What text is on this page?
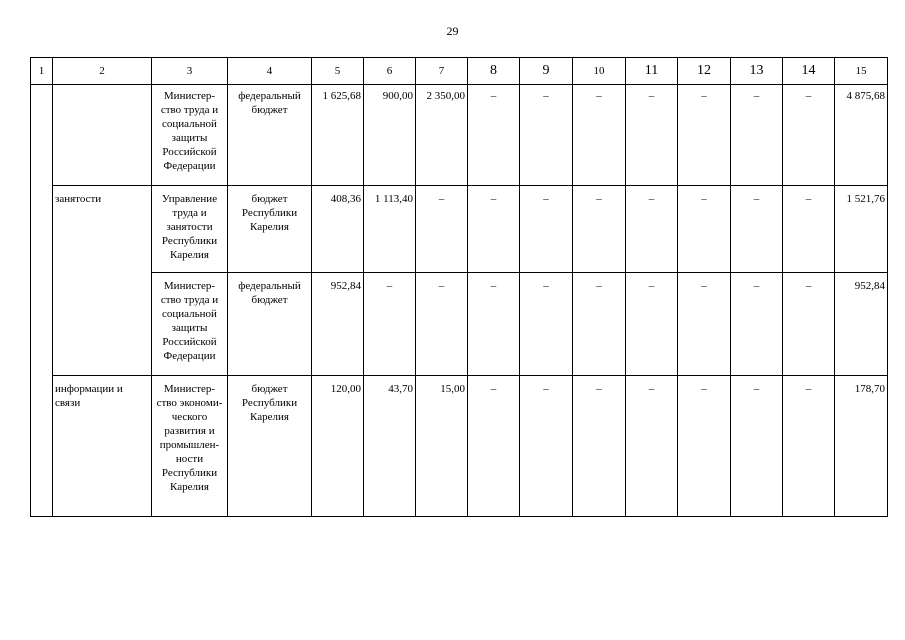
29
1	2	3	4	5	6	7	8	9	10	11	12	13	14	15
		Министер-ство труда и социальной защиты Российской Федерации	федеральный бюджет	1 625,68	900,00	2 350,00	–	–	–	–	–	–	–	4 875,68
	занятости	Управление труда и занятости Республики Карелия	бюджет Республики Карелия	408,36	1 113,40	–	–	–	–	–	–	–	–	1 521,76
		Министер-ство труда и социальной защиты Российской Федерации	федеральный бюджет	952,84	–	–	–	–	–	–	–	–	–	952,84
	информации и связи	Министер-ство экономи-ческого развития и промышлен-ности Республики Карелия	бюджет Республики Карелия	120,00	43,70	15,00	–	–	–	–	–	–	–	178,70
